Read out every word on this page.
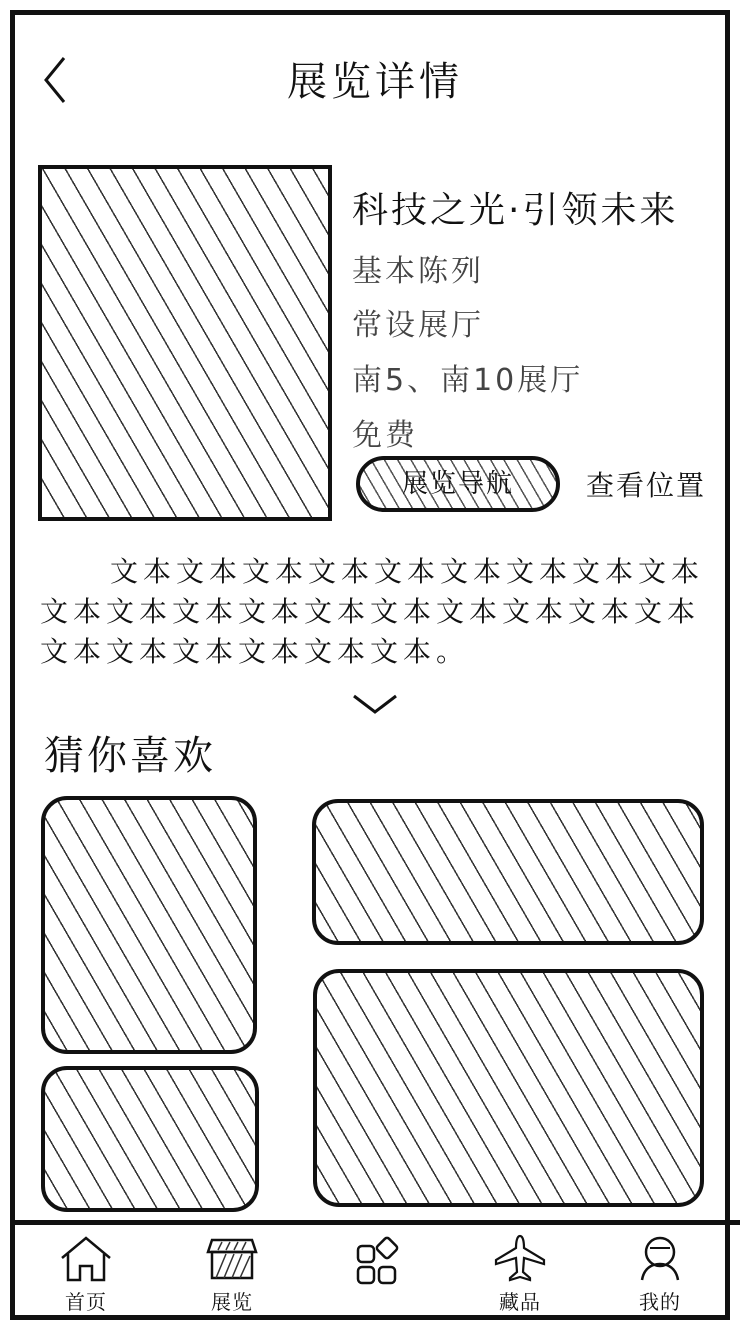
展览详情
科技之光·引领未来
基本陈列
常设展厅
南5、南10展厅
免费
展览导航	查看位置
文本文本文本文本文本文本文本文本文本文本文本文本文本文本文本文本文本文本文本文本文本文本文本文本文本。
猜你喜欢
首页	展览	藏品	我的
